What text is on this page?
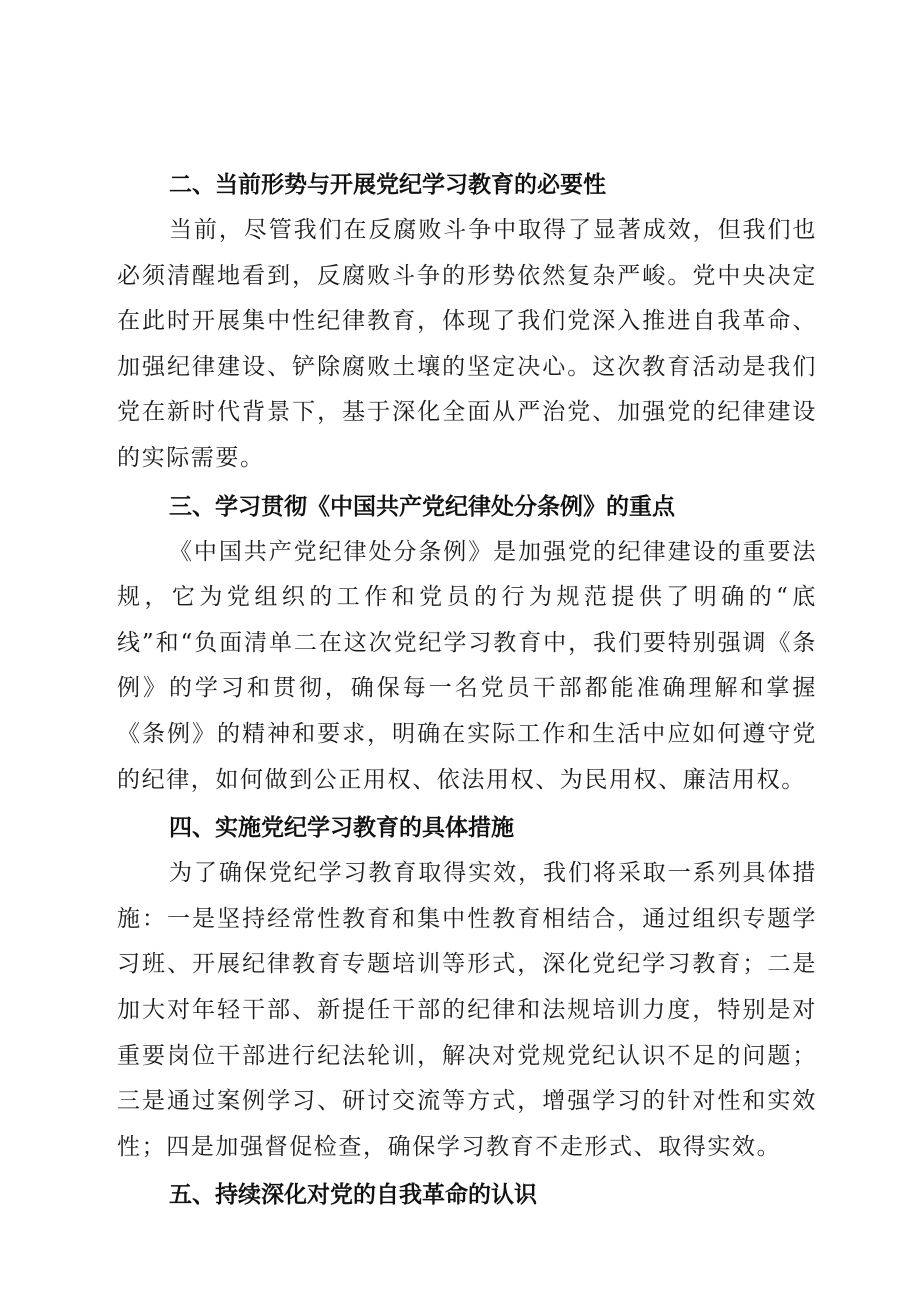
二、当前形势与开展党纪学习教育的必要性

当前，尽管我们在反腐败斗争中取得了显著成效，但我们也必须清醒地看到，反腐败斗争的形势依然复杂严峻。党中央决定在此时开展集中性纪律教育，体现了我们党深入推进自我革命、加强纪律建设、铲除腐败土壤的坚定决心。这次教育活动是我们党在新时代背景下，基于深化全面从严治党、加强党的纪律建设的实际需要。

三、学习贯彻《中国共产党纪律处分条例》的重点

《中国共产党纪律处分条例》是加强党的纪律建设的重要法规，它为党组织的工作和党员的行为规范提供了明确的“底线”和“负面清单二在这次党纪学习教育中，我们要特别强调《条例》的学习和贯彻，确保每一名党员干部都能准确理解和掌握《条例》的精神和要求，明确在实际工作和生活中应如何遵守党的纪律，如何做到公正用权、依法用权、为民用权、廉洁用权。

四、实施党纪学习教育的具体措施

为了确保党纪学习教育取得实效，我们将采取一系列具体措施：一是坚持经常性教育和集中性教育相结合，通过组织专题学习班、开展纪律教育专题培训等形式，深化党纪学习教育；二是加大对年轻干部、新提任干部的纪律和法规培训力度，特别是对重要岗位干部进行纪法轮训，解决对党规党纪认识不足的问题；三是通过案例学习、研讨交流等方式，增强学习的针对性和实效性；四是加强督促检查，确保学习教育不走形式、取得实效。

五、持续深化对党的自我革命的认识
